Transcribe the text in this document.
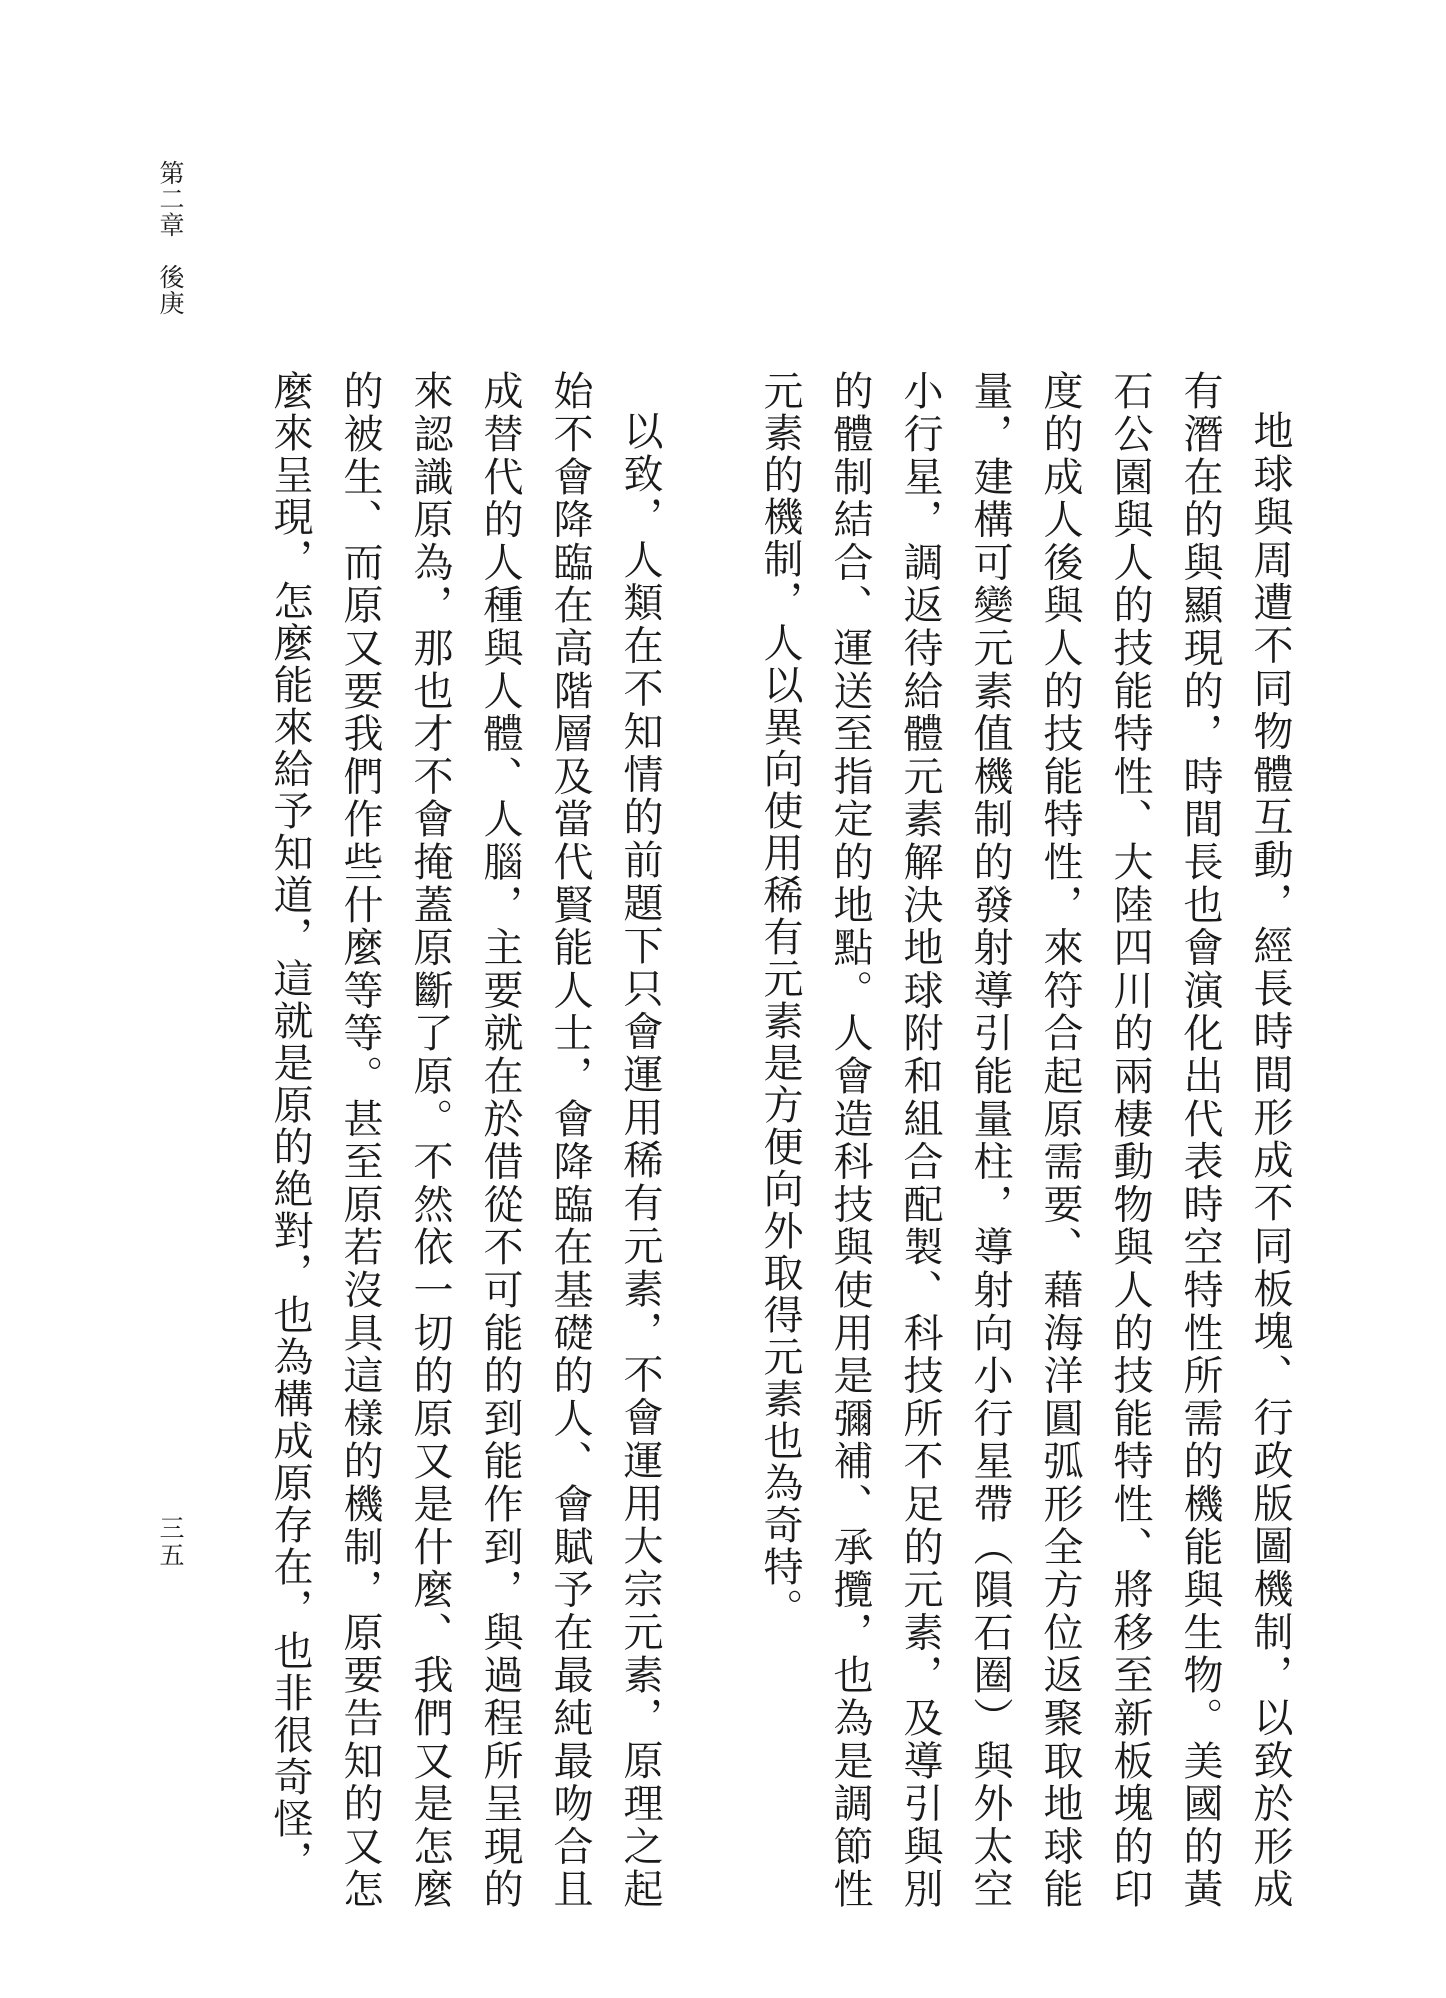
第二章　後庚

地球與周遭不同物體互動，經長時間形成不同板塊、行政版圖機制，以致於形成有潛在的與顯現的，時間長也會演化出代表時空特性所需的機能與生物。美國的黃石公園與人的技能特性、大陸四川的兩棲動物與人的技能特性、將移至新板塊的印度的成人後與人的技能特性，來符合起原需要、藉海洋圓弧形全方位返聚取地球能量，建構可變元素值機制的發射導引能量柱，導射向小行星帶（隕石圈）與外太空小行星，調返待給體元素解決地球附和組合配製、科技所不足的元素，及導引與別的體制結合、運送至指定的地點。人會造科技與使用是彌補、承攬，也為是調節性元素的機制，人以異向使用稀有元素是方便向外取得元素也為奇特。

以致，人類在不知情的前題下只會運用稀有元素，不會運用大宗元素，原理之起始不會降臨在高階層及當代賢能人士，會降臨在基礎的人、會賦予在最純最吻合且成替代的人種與人體、人腦，主要就在於借從不可能的到能作到，與過程所呈現的來認識原為，那也才不會掩蓋原斷了原。不然依一切的原又是什麼、我們又是怎麼的被生、而原又要我們作些什麼等等。甚至原若沒具這樣的機制，原要告知的又怎麼來呈現，怎麼能來給予知道，這就是原的絶對，也為構成原存在，也非很奇怪，

三五
